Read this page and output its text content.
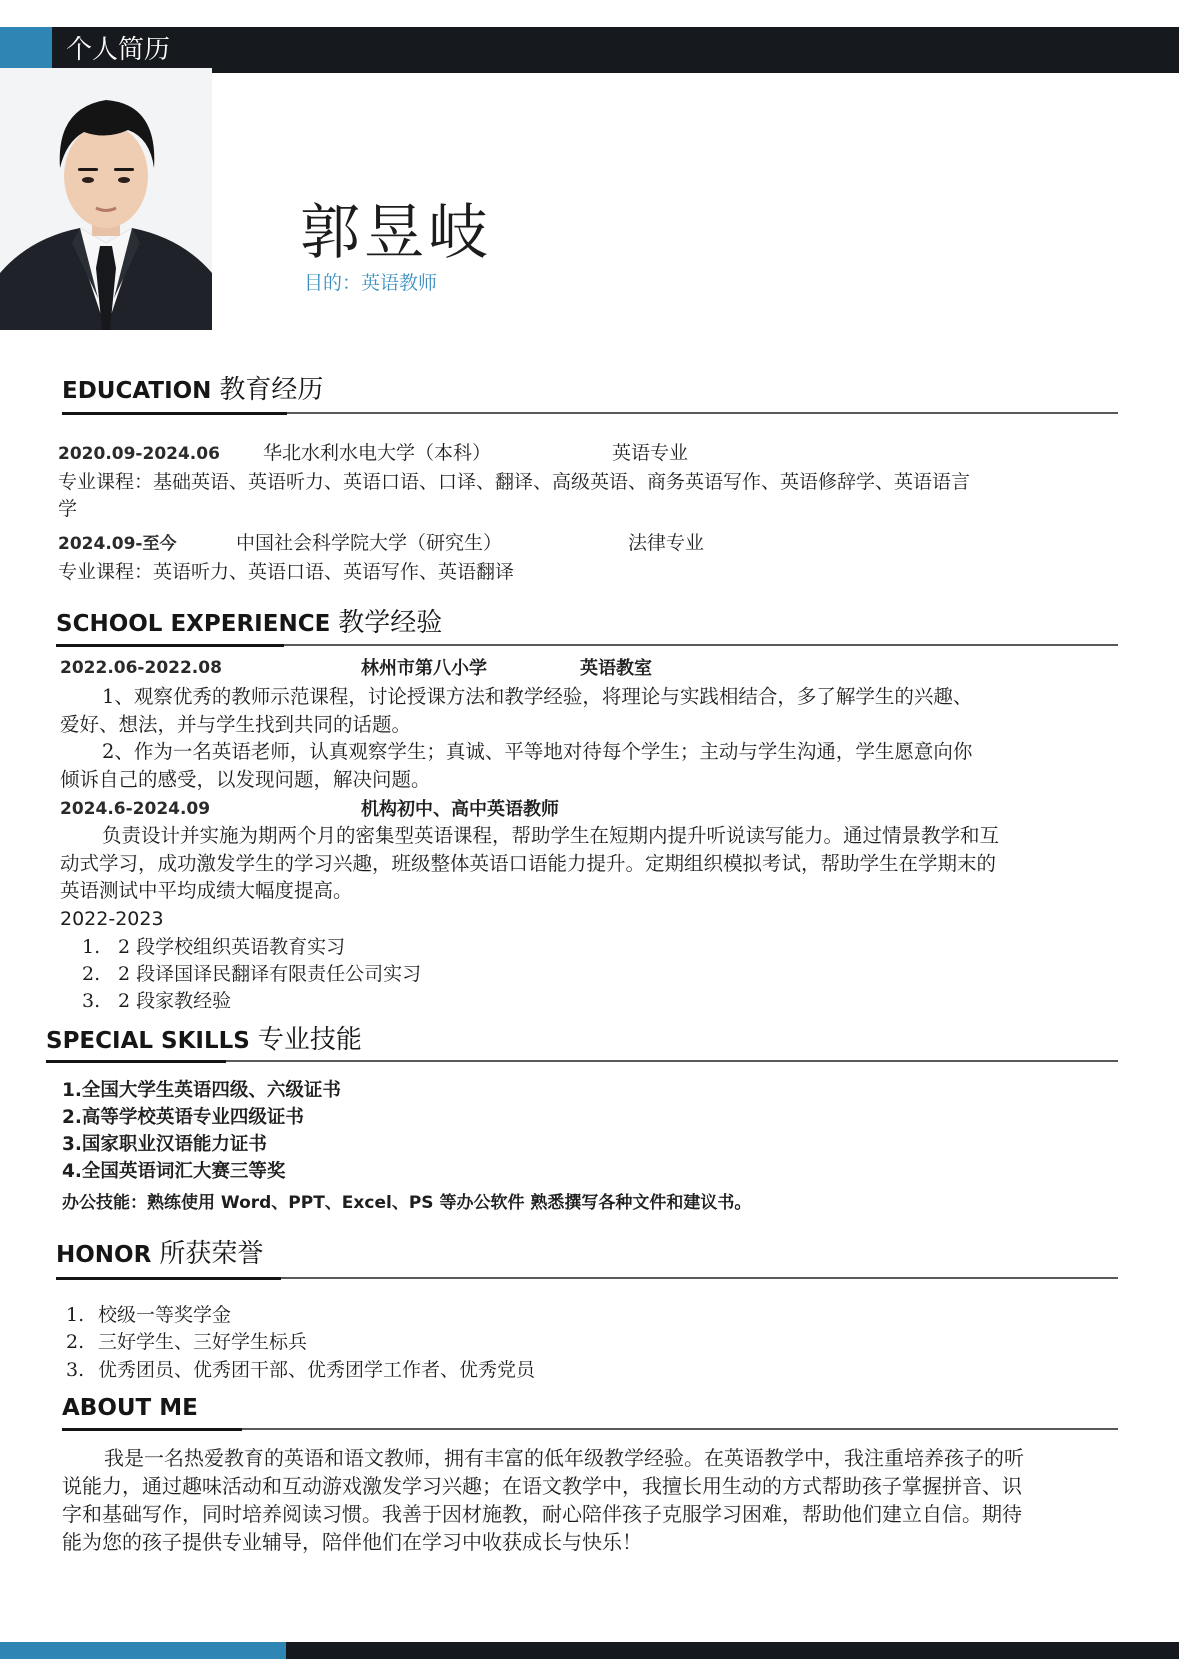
个人简历
郭昱岐
目的：英语教师
EDUCATION 教育经历
2020.09-2024.06 华北水利水电大学（本科）	英语专业
专业课程：基础英语、英语听力、英语口语、口译、翻译、高级英语、商务英语写作、英语修辞学、英语语言
学
2024.09-至今	中国社会科学院大学（研究生）	法律专业
专业课程：英语听力、英语口语、英语写作、英语翻译
SCHOOL EXPERIENCE 教学经验
2022.06-2022.08	林州市第八小学	英语教室
1、观察优秀的教师示范课程，讨论授课方法和教学经验，将理论与实践相结合，多了解学生的兴趣、
爱好、想法，并与学生找到共同的话题。
2、作为一名英语老师，认真观察学生；真诚、平等地对待每个学生；主动与学生沟通，学生愿意向你
倾诉自己的感受，以发现问题，解决问题。
2024.6-2024.09	机构初中、高中英语教师
负责设计并实施为期两个月的密集型英语课程，帮助学生在短期内提升听说读写能力。通过情景教学和互
动式学习，成功激发学生的学习兴趣，班级整体英语口语能力提升。定期组织模拟考试，帮助学生在学期末的
英语测试中平均成绩大幅度提高。
2022-2023
1. 2 段学校组织英语教育实习
2. 2 段译国译民翻译有限责任公司实习
3. 2 段家教经验
SPECIAL SKILLS 专业技能
1.全国大学生英语四级、六级证书
2.高等学校英语专业四级证书
3.国家职业汉语能力证书
4.全国英语词汇大赛三等奖
办公技能：熟练使用 Word、PPT、Excel、PS 等办公软件 熟悉撰写各种文件和建议书。
HONOR 所获荣誉
1. 校级一等奖学金
2. 三好学生、三好学生标兵
3. 优秀团员、优秀团干部、优秀团学工作者、优秀党员
ABOUT ME
我是一名热爱教育的英语和语文教师，拥有丰富的低年级教学经验。在英语教学中，我注重培养孩子的听
说能力，通过趣味活动和互动游戏激发学习兴趣；在语文教学中，我擅长用生动的方式帮助孩子掌握拼音、识
字和基础写作，同时培养阅读习惯。我善于因材施教，耐心陪伴孩子克服学习困难，帮助他们建立自信。期待
能为您的孩子提供专业辅导，陪伴他们在学习中收获成长与快乐！
